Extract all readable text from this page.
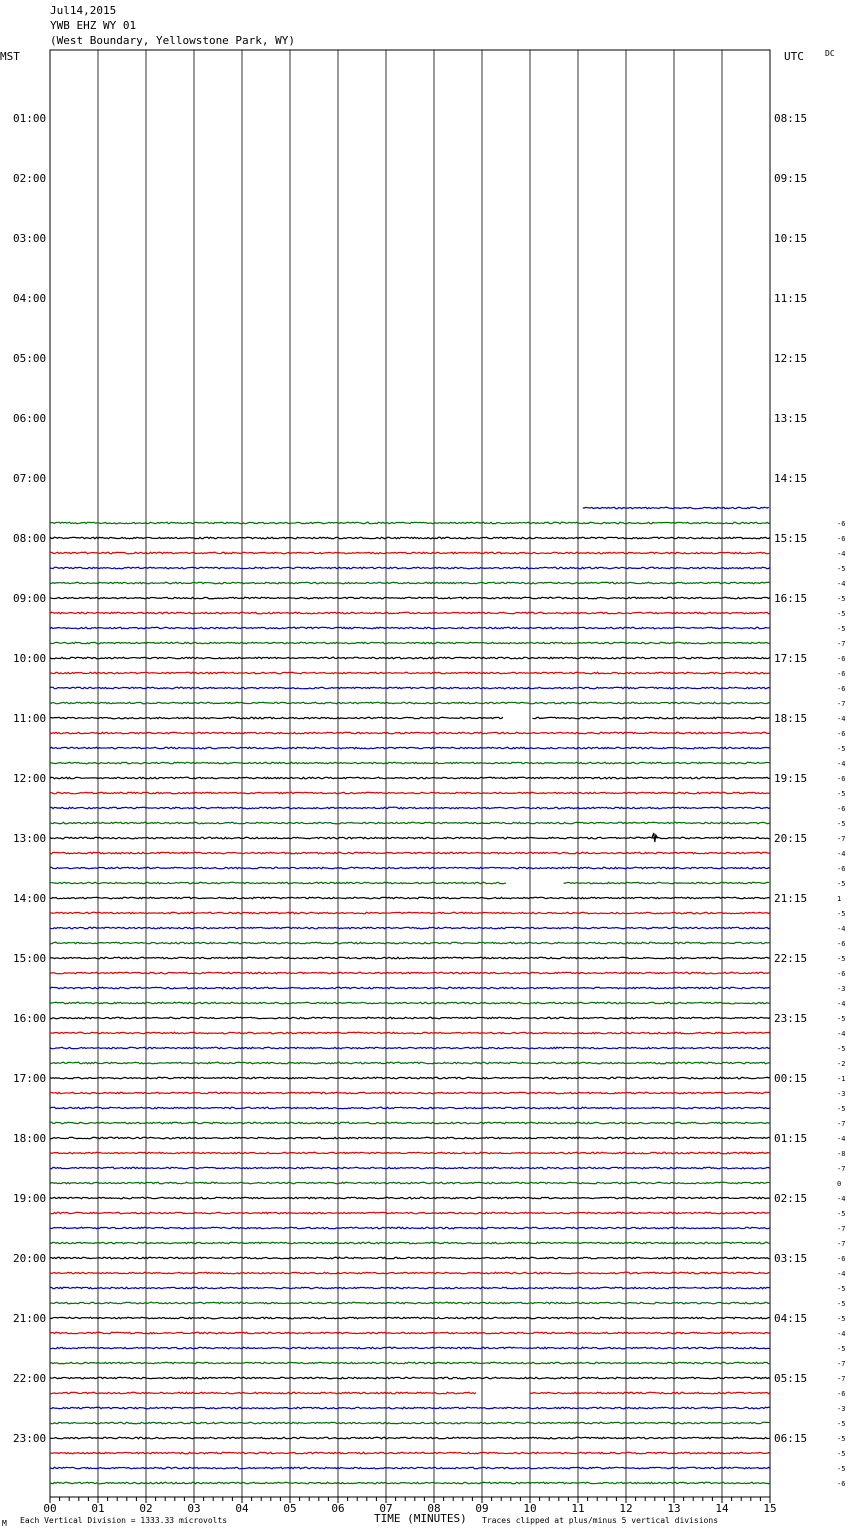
Jul14,2015
YWB EHZ WY 01
(West Boundary, Yellowstone Park, WY)
MST	UTC	DC
00	01	02	03	04	05	06	07	08	09	10	11	12	13	14	15
01:00	08:15
02:00	09:15
03:00	10:15
04:00	11:15
05:00	12:15
06:00	13:15
07:00	14:15
08:00	15:15
09:00	16:15
10:00	17:15
11:00	18:15
12:00	19:15
13:00	20:15
14:00	21:15
15:00	22:15
16:00	23:15
17:00	00:15
18:00	01:15
19:00	02:15
20:00	03:15
21:00	04:15
22:00	05:15
23:00	06:15
-6
-6
-4
-5
-4
-5
-5
-5
-7
-6
-6
-6
-7
-4
-6
-5
-4
-6
-5
-6
-5
-7
-4
-6
-5
1
-5
-4
-6
-5
-6
-3
-4
-5
-4
-5
-2
-1
-3
-5
-7
-4
-8
-7
0
-4
-5
-7
-7
-6
-4
-5
-5
-5
-4
-5
-7
-7
-6
-3
-5
-5
-5
-5
-6
M Each Vertical Division = 1333.33 microvolts	TIME (MINUTES) Traces clipped at plus/minus 5 vertical divisions
